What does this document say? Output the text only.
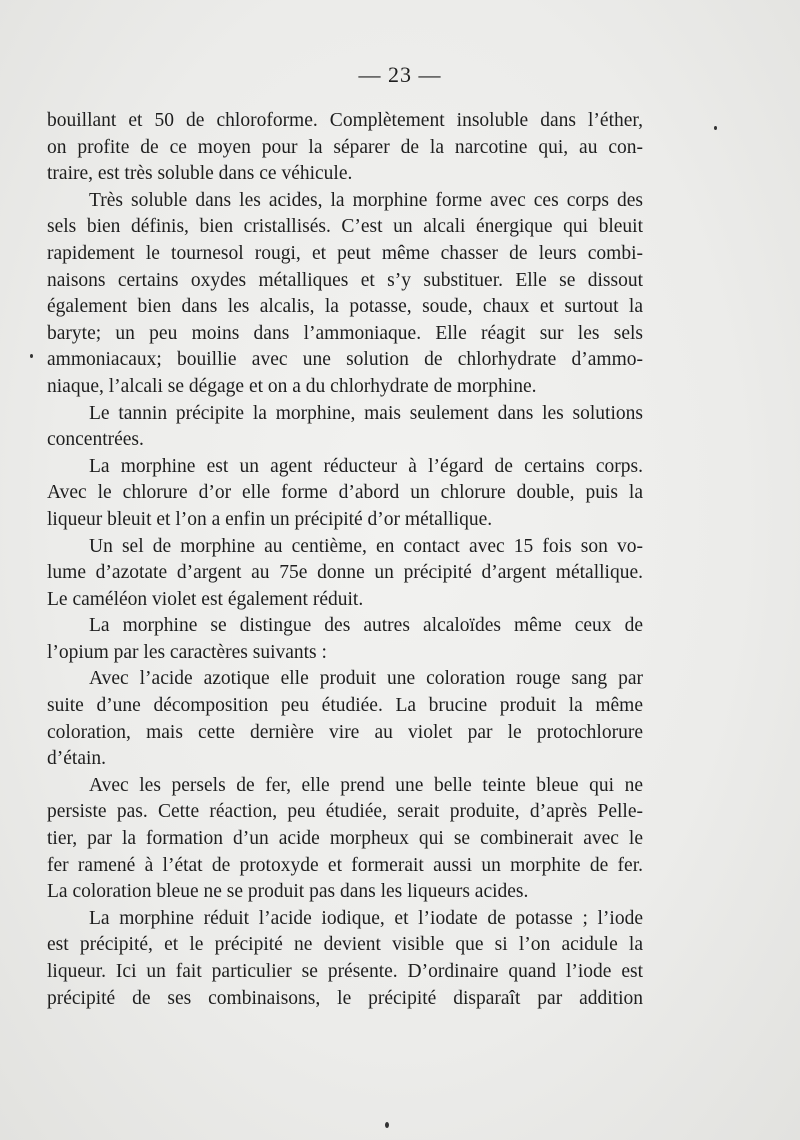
— 23 —
bouillant et 50 de chloroforme. Complètement insoluble dans l’éther,
on profite de ce moyen pour la séparer de la narcotine qui, au con-
traire, est très soluble dans ce véhicule.
Très soluble dans les acides, la morphine forme avec ces corps des
sels bien définis, bien cristallisés. C’est un alcali énergique qui bleuit
rapidement le tournesol rougi, et peut même chasser de leurs combi-
naisons certains oxydes métalliques et s’y substituer. Elle se dissout
également bien dans les alcalis, la potasse, soude, chaux et surtout la
baryte; un peu moins dans l’ammoniaque. Elle réagit sur les sels
ammoniacaux; bouillie avec une solution de chlorhydrate d’ammo-
niaque, l’alcali se dégage et on a du chlorhydrate de morphine.
Le tannin précipite la morphine, mais seulement dans les solutions
concentrées.
La morphine est un agent réducteur à l’égard de certains corps.
Avec le chlorure d’or elle forme d’abord un chlorure double, puis la
liqueur bleuit et l’on a enfin un précipité d’or métallique.
Un sel de morphine au centième, en contact avec 15 fois son vo-
lume d’azotate d’argent au 75e donne un précipité d’argent métallique.
Le caméléon violet est également réduit.
La morphine se distingue des autres alcaloïdes même ceux de
l’opium par les caractères suivants :
Avec l’acide azotique elle produit une coloration rouge sang par
suite d’une décomposition peu étudiée. La brucine produit la même
coloration, mais cette dernière vire au violet par le protochlorure
d’étain.
Avec les persels de fer, elle prend une belle teinte bleue qui ne
persiste pas. Cette réaction, peu étudiée, serait produite, d’après Pelle-
tier, par la formation d’un acide morpheux qui se combinerait avec le
fer ramené à l’état de protoxyde et formerait aussi un morphite de fer.
La coloration bleue ne se produit pas dans les liqueurs acides.
La morphine réduit l’acide iodique, et l’iodate de potasse ; l’iode
est précipité, et le précipité ne devient visible que si l’on acidule la
liqueur. Ici un fait particulier se présente. D’ordinaire quand l’iode est
précipité de ses combinaisons, le précipité disparaît par addition
